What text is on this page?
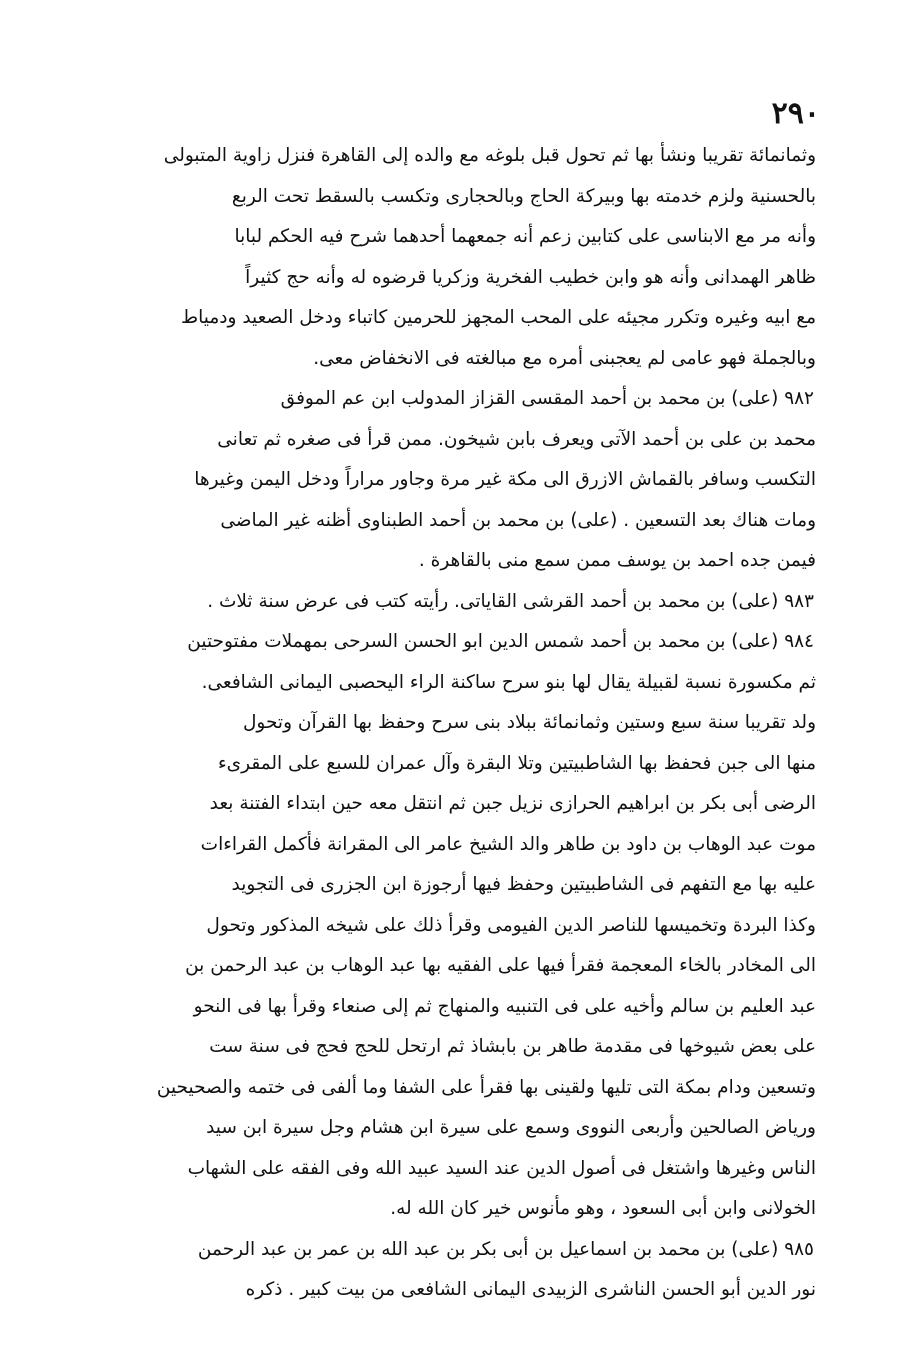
٢٩٠
وثمانمائة تقريبا ونشأ بها ثم تحول قبل بلوغه مع والده إلى القاهرة فنزل زاوية المتبولى
بالحسنية ولزم خدمته بها وبيركة الحاج وبالحجارى وتكسب بالسقط تحت الربع
وأنه مر مع الابناسى على كتابين زعم أنه جمعهما أحدهما شرح فيه الحكم لبابا
ظاهر الهمدانى وأنه هو وابن خطيب الفخرية وزكريا قرضوه له وأنه حج كثيراً
مع ابيه وغيره وتكرر مجيئه على المحب المجهز للحرمين كاتباء ودخل الصعيد ودمياط
وبالجملة فهو عامى لم يعجبنى أمره مع مبالغته فى الانخفاض معى.
٩٨٢ (على) بن محمد بن أحمد المقسى القزاز المدولب ابن عم الموفق
محمد بن على بن أحمد الآتى ويعرف بابن شيخون. ممن قرأ فى صغره ثم تعانى
التكسب وسافر بالقماش الازرق الى مكة غير مرة وجاور مراراً ودخل اليمن وغيرها
ومات هناك بعد التسعين . (على) بن محمد بن أحمد الطبناوى أظنه غير الماضى
فيمن جده احمد بن يوسف ممن سمع منى بالقاهرة .
٩٨٣ (على) بن محمد بن أحمد القرشى القاياتى. رأيته كتب فى عرض سنة ثلاث .
٩٨٤ (على) بن محمد بن أحمد شمس الدين ابو الحسن السرحى بمهملات مفتوحتين
ثم مكسورة نسبة لقبيلة يقال لها بنو سرح ساكنة الراء اليحصبى اليمانى الشافعى.
ولد تقريبا سنة سبع وستين وثمانمائة ببلاد بنى سرح وحفظ بها القرآن وتحول
منها الى جبن فحفظ بها الشاطبيتين وتلا البقرة وآل عمران للسبع على المقرىء
الرضى أبى بكر بن ابراهيم الحرازى نزيل جبن ثم انتقل معه حين ابتداء الفتنة بعد
موت عبد الوهاب بن داود بن طاهر والد الشيخ عامر الى المقرانة فأكمل القراءات
عليه بها مع التفهم فى الشاطبيتين وحفظ فيها أرجوزة ابن الجزرى فى التجويد
وكذا البردة وتخميسها للناصر الدين الفيومى وقرأ ذلك على شيخه المذكور وتحول
الى المخادر بالخاء المعجمة فقرأ فيها على الفقيه بها عبد الوهاب بن عبد الرحمن بن
عبد العليم بن سالم وأخيه على فى التنبيه والمنهاج ثم إلى صنعاء وقرأ بها فى النحو
على بعض شيوخها فى مقدمة طاهر بن بابشاذ ثم ارتحل للحج فحج فى سنة ست
وتسعين ودام بمكة التى تليها ولقينى بها فقرأ على الشفا وما ألفى فى ختمه والصحيحين
ورياض الصالحين وأربعى النووى وسمع على سيرة ابن هشام وجل سيرة ابن سيد
الناس وغيرها واشتغل فى أصول الدين عند السيد عبيد الله وفى الفقه على الشهاب
الخولانى وابن أبى السعود ، وهو مأنوس خير كان الله له.
٩٨٥ (على) بن محمد بن اسماعيل بن أبى بكر بن عبد الله بن عمر بن عبد الرحمن
نور الدين أبو الحسن الناشرى الزبيدى اليمانى الشافعى من بيت كبير . ذكره
